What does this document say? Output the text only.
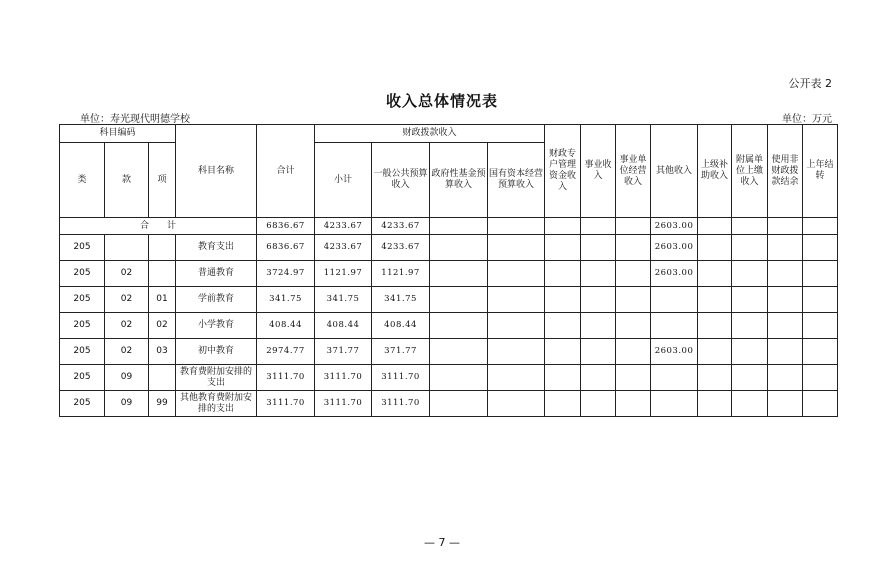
公开表 2
收入总体情况表
单位：寿光现代明德学校	单位：万元
科目编码			科目名称	合计	财政拨款收入				财政专户管理资金收入	事业收入	事业单位经营收入	其他收入	上级补助收入	附属单位上缴收入	使用非财政拨款结余	上年结转
类	款	项			小计	一般公共预算收入	政府性基金预算收入	国有资本经营预算收入								
合　　计				6836.67	4233.67	4233.67						2603.00				
205			教育支出	6836.67	4233.67	4233.67						2603.00				
205	02		普通教育	3724.97	1121.97	1121.97						2603.00				
205	02	01	学前教育	341.75	341.75	341.75										
205	02	02	小学教育	408.44	408.44	408.44										
205	02	03	初中教育	2974.77	371.77	371.77						2603.00				
205	09		教育费附加安排的支出	3111.70	3111.70	3111.70										
205	09	99	其他教育费附加安排的支出	3111.70	3111.70	3111.70										
— 7 —
